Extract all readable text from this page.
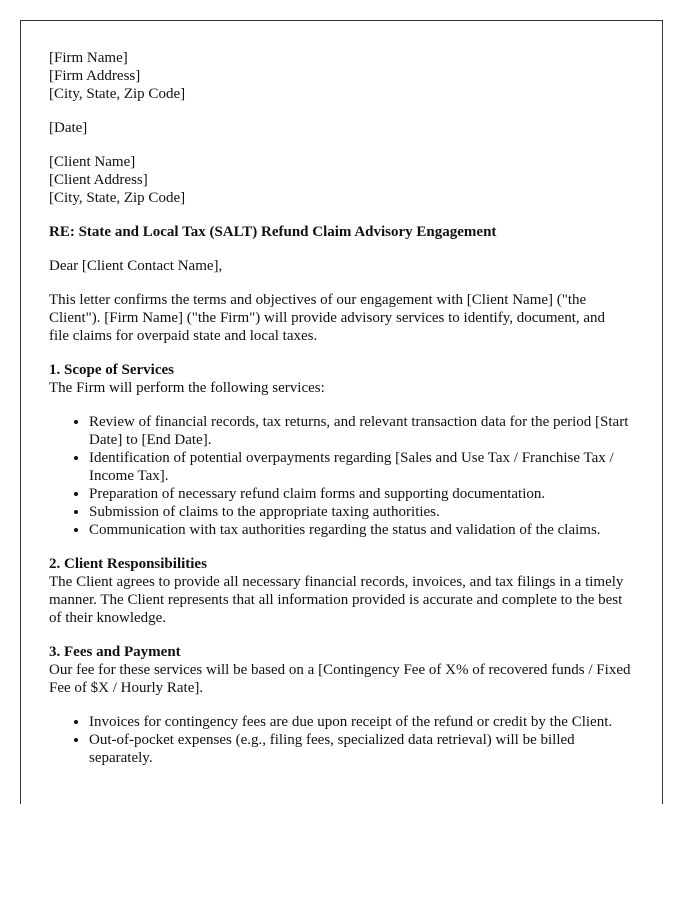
[Firm Name]
[Firm Address]
[City, State, Zip Code]

[Date]

[Client Name]
[Client Address]
[City, State, Zip Code]

RE: State and Local Tax (SALT) Refund Claim Advisory Engagement

Dear [Client Contact Name],

This letter confirms the terms and objectives of our engagement with [Client Name] ("the Client"). [Firm Name] ("the Firm") will provide advisory services to identify, document, and file claims for overpaid state and local taxes.

1. Scope of Services

The Firm will perform the following services:

• Review of financial records, tax returns, and relevant transaction data for the period [Start Date] to [End Date].
• Identification of potential overpayments regarding [Sales and Use Tax / Franchise Tax / Income Tax].
• Preparation of necessary refund claim forms and supporting documentation.
• Submission of claims to the appropriate taxing authorities.
• Communication with tax authorities regarding the status and validation of the claims.
2. Client Responsibilities

The Client agrees to provide all necessary financial records, invoices, and tax filings in a timely manner. The Client represents that all information provided is accurate and complete to the best of their knowledge.

3. Fees and Payment

Our fee for these services will be based on a [Contingency Fee of X% of recovered funds / Fixed Fee of $X / Hourly Rate].

• Invoices for contingency fees are due upon receipt of the refund or credit by the Client.
• Out-of-pocket expenses (e.g., filing fees, specialized data retrieval) will be billed separately.
